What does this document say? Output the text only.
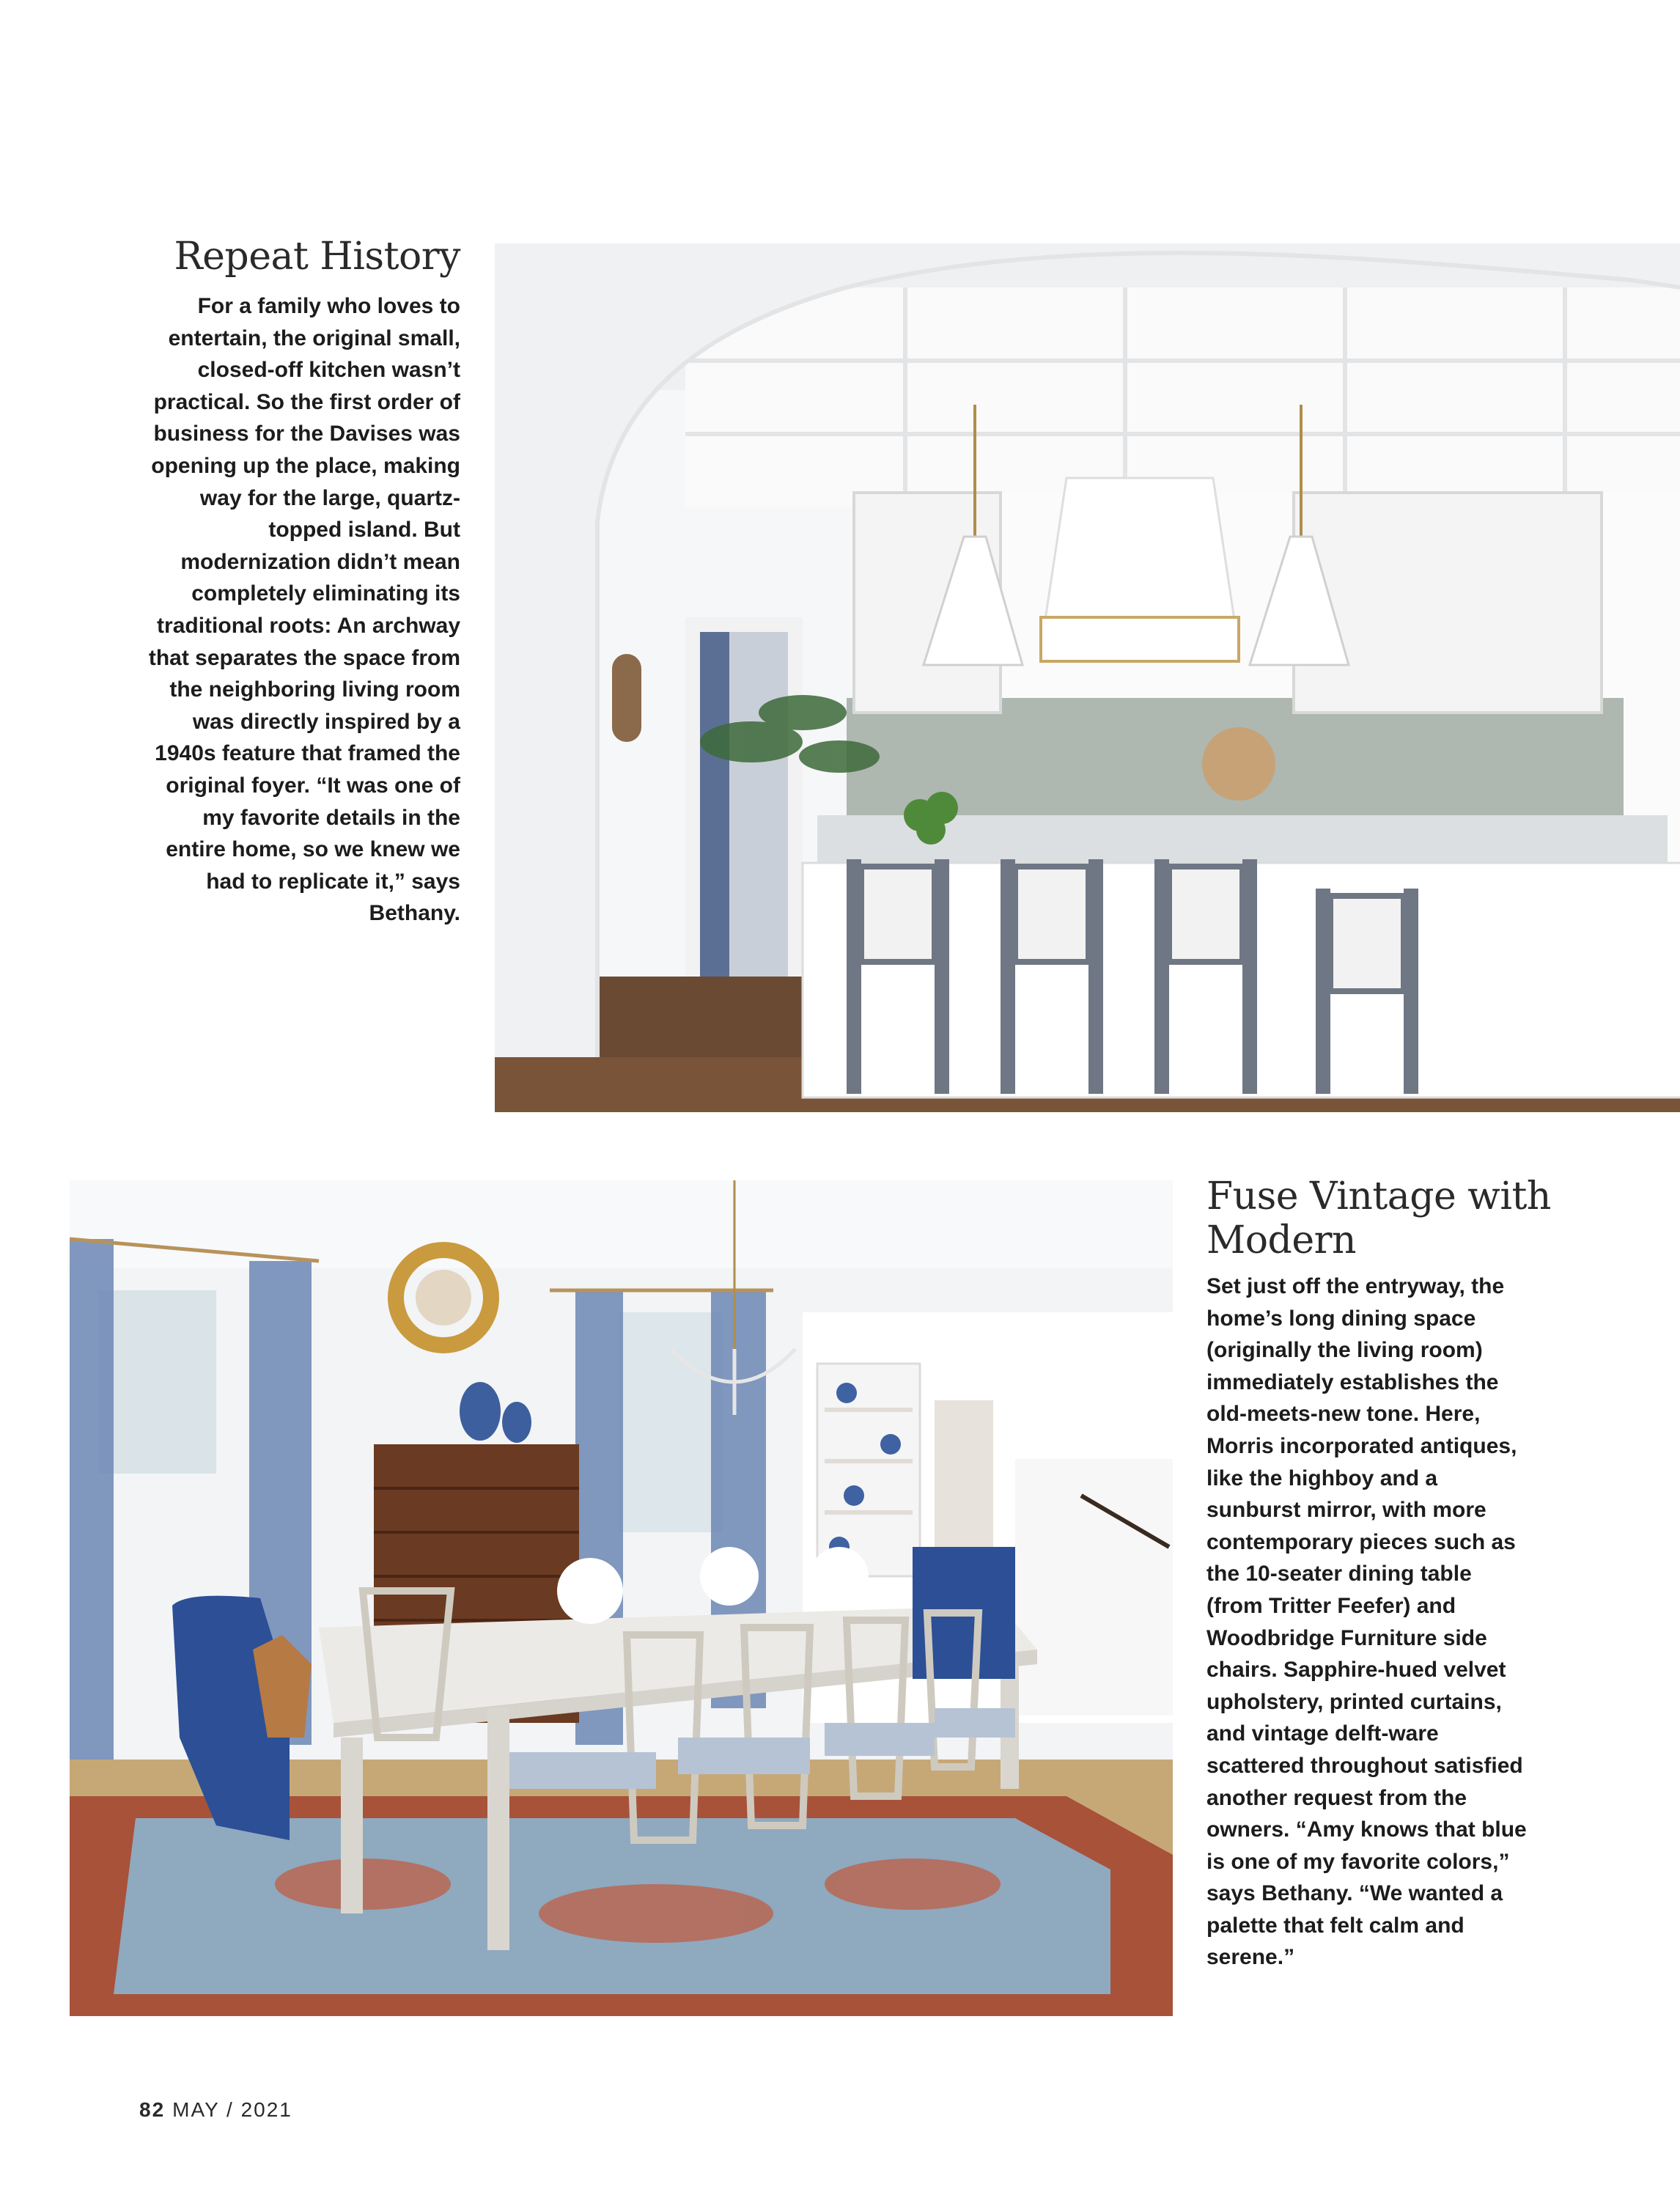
Repeat History

For a family who loves to entertain, the original small, closed-off kitchen wasn’t practical. So the first order of business for the Davises was opening up the place, making way for the large, quartz-topped island. But modernization didn’t mean completely eliminating its traditional roots: An archway that separates the space from the neighboring living room was directly inspired by a 1940s feature that framed the original foyer. “It was one of my favorite details in the entire home, so we knew we had to replicate it,” says Bethany.

Fuse Vintage with Modern

Set just off the entryway, the home’s long dining space (originally the living room) immediately establishes the old-meets-new tone. Here, Morris incorporated antiques, like the highboy and a sunburst mirror, with more contemporary pieces such as the 10-seater dining table (from Tritter Feefer) and Woodbridge Furniture side chairs. Sapphire-hued velvet upholstery, printed curtains, and vintage delft-ware scattered throughout satisfied another request from the owners. “Amy knows that blue is one of my favorite colors,” says Bethany. “We wanted a palette that felt calm and serene.”

82 MAY / 2021
